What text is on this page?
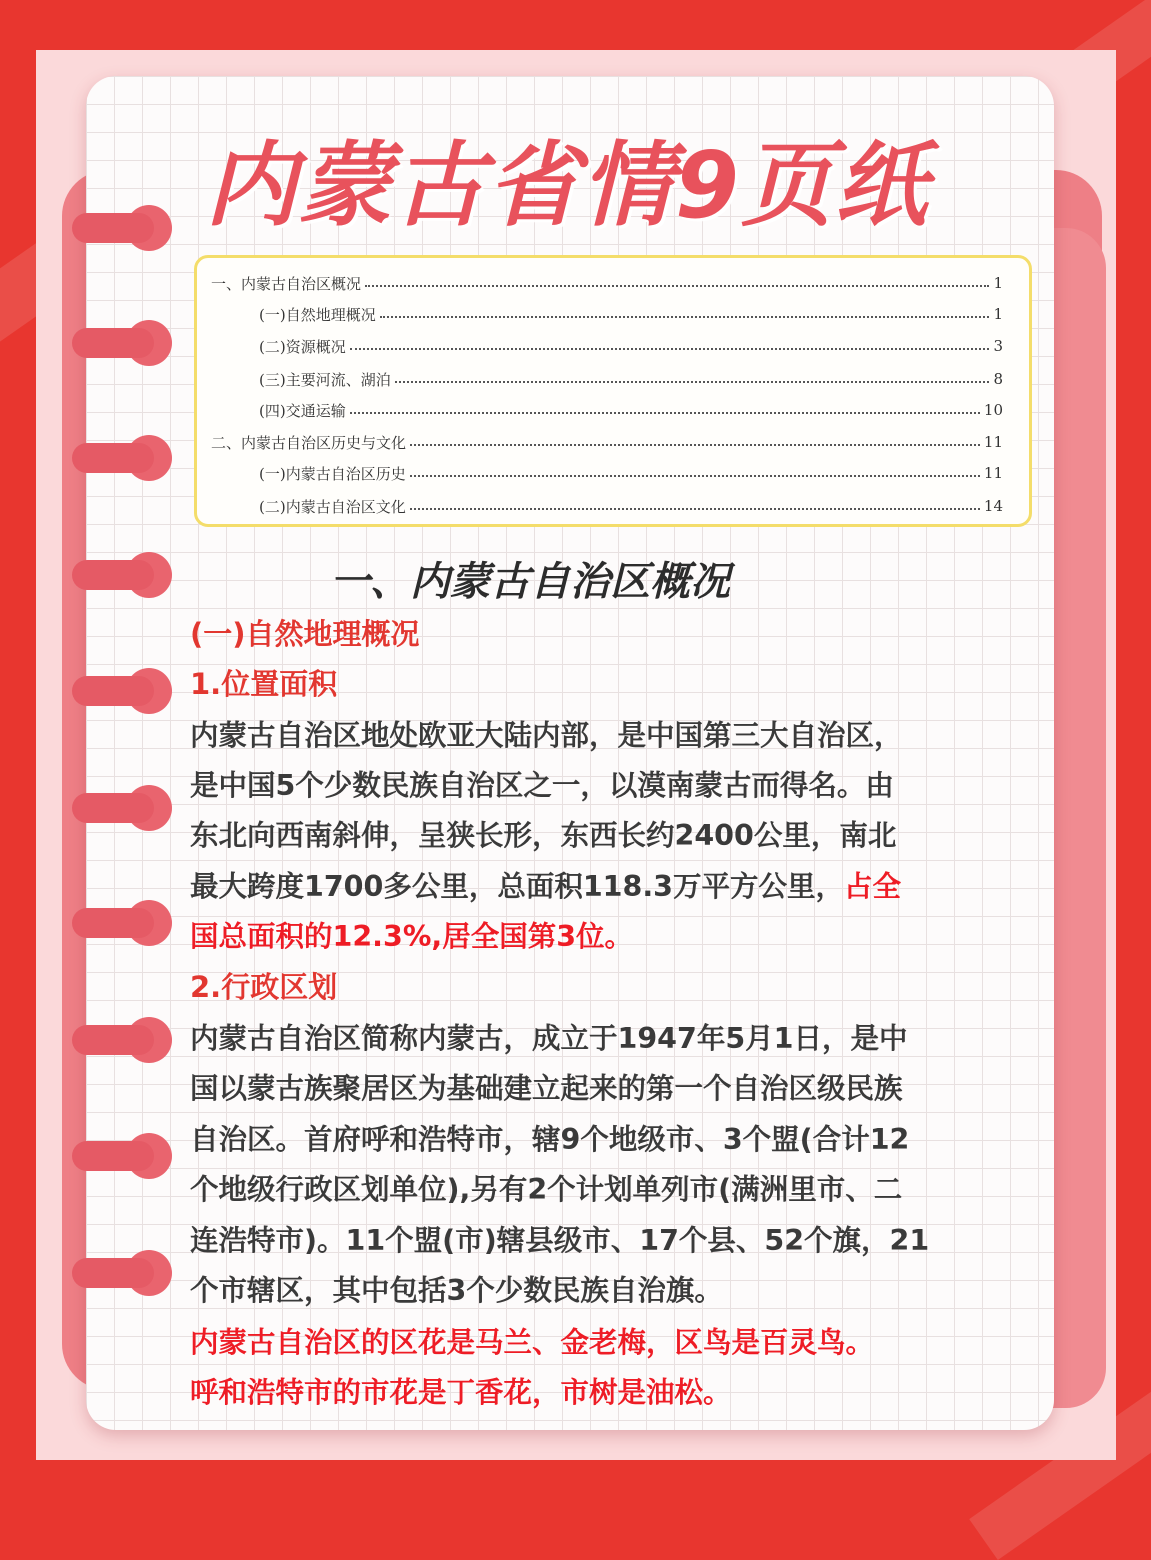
内蒙古省情9页纸
一、内蒙古自治区概况	1
(一)自然地理概况	1
(二)资源概况	3
(三)主要河流、湖泊	8
(四)交通运输	10
二、内蒙古自治区历史与文化	11
(一)内蒙古自治区历史	11
(二)内蒙古自治区文化	14
一、内蒙古自治区概况
(一)自然地理概况
1.位置面积
内蒙古自治区地处欧亚大陆内部，是中国第三大自治区，
是中国5个少数民族自治区之一，以漠南蒙古而得名。由
东北向西南斜伸，呈狭长形，东西长约2400公里，南北
最大跨度1700多公里，总面积118.3万平方公里，占全
国总面积的12.3%,居全国第3位。
2.行政区划
内蒙古自治区简称内蒙古，成立于1947年5月1日，是中
国以蒙古族聚居区为基础建立起来的第一个自治区级民族
自治区。首府呼和浩特市，辖9个地级市、3个盟(合计12
个地级行政区划单位),另有2个计划单列市(满洲里市、二
连浩特市)。11个盟(市)辖县级市、17个县、52个旗，21
个市辖区，其中包括3个少数民族自治旗。
内蒙古自治区的区花是马兰、金老梅，区鸟是百灵鸟。
呼和浩特市的市花是丁香花，市树是油松。
